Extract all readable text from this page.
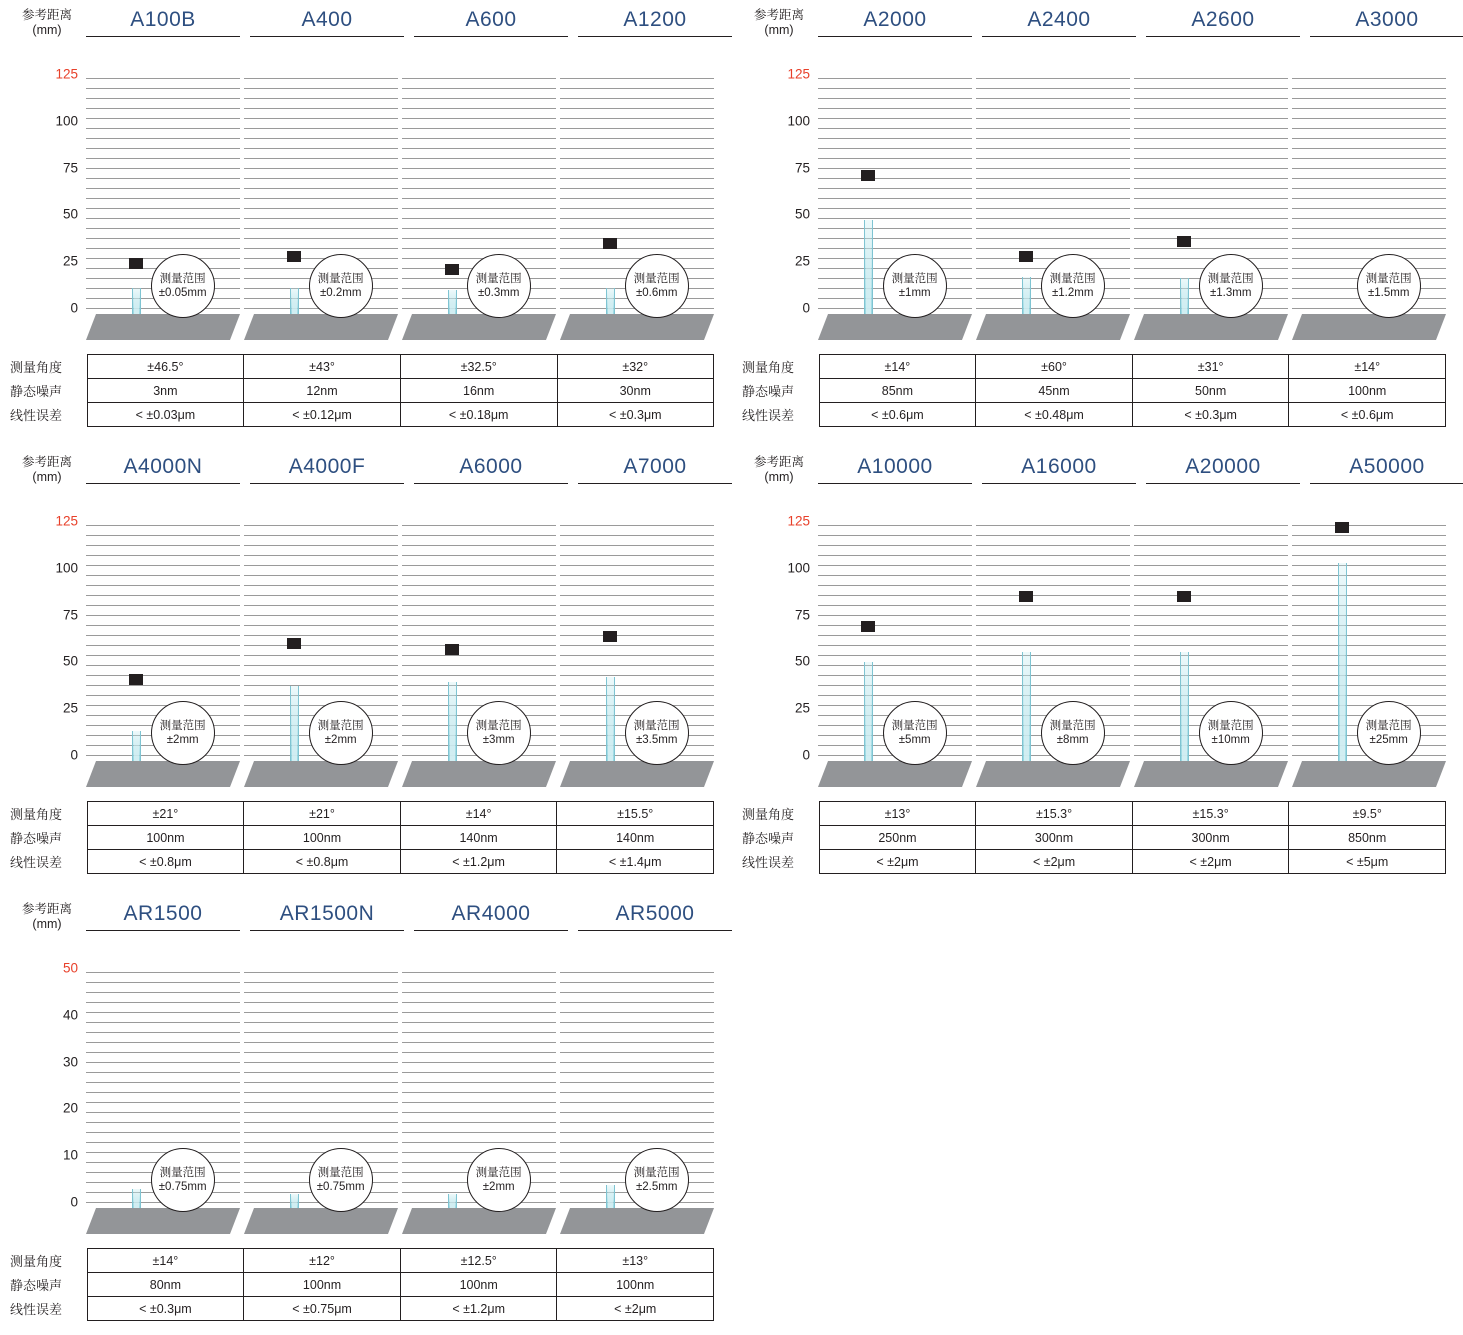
参考距离
(mm)	A100B	A400	A600	A1200
0
25
50
75
100
125
测量范围
±0.05mm
测量范围
±0.2mm
测量范围
±0.3mm
测量范围
±0.6mm
测量角度	±46.5°	±43°	±32.5°	±32°
静态噪声	3nm	12nm	16nm	30nm
线性误差	< ±0.03μm	< ±0.12μm	< ±0.18μm	< ±0.3μm
参考距离
(mm)	A2000	A2400	A2600	A3000
0
25
50
75
100
125
测量范围
±1mm
测量范围
±1.2mm
测量范围
±1.3mm
测量范围
±1.5mm
测量角度	±14°	±60°	±31°	±14°
静态噪声	85nm	45nm	50nm	100nm
线性误差	< ±0.6μm	< ±0.48μm	< ±0.3μm	< ±0.6μm
参考距离
(mm)	A4000N	A4000F	A6000	A7000
0
25
50
75
100
125
测量范围
±2mm
测量范围
±2mm
测量范围
±3mm
测量范围
±3.5mm
测量角度	±21°	±21°	±14°	±15.5°
静态噪声	100nm	100nm	140nm	140nm
线性误差	< ±0.8μm	< ±0.8μm	< ±1.2μm	< ±1.4μm
参考距离
(mm)	A10000	A16000	A20000	A50000
0
25
50
75
100
125
测量范围
±5mm
测量范围
±8mm
测量范围
±10mm
测量范围
±25mm
测量角度	±13°	±15.3°	±15.3°	±9.5°
静态噪声	250nm	300nm	300nm	850nm
线性误差	< ±2μm	< ±2μm	< ±2μm	< ±5μm
参考距离
(mm)	AR1500	AR1500N	AR4000	AR5000
0
10
20
30
40
50
测量范围
±0.75mm
测量范围
±0.75mm
测量范围
±2mm
测量范围
±2.5mm
测量角度	±14°	±12°	±12.5°	±13°
静态噪声	80nm	100nm	100nm	100nm
线性误差	< ±0.3μm	< ±0.75μm	< ±1.2μm	< ±2μm
